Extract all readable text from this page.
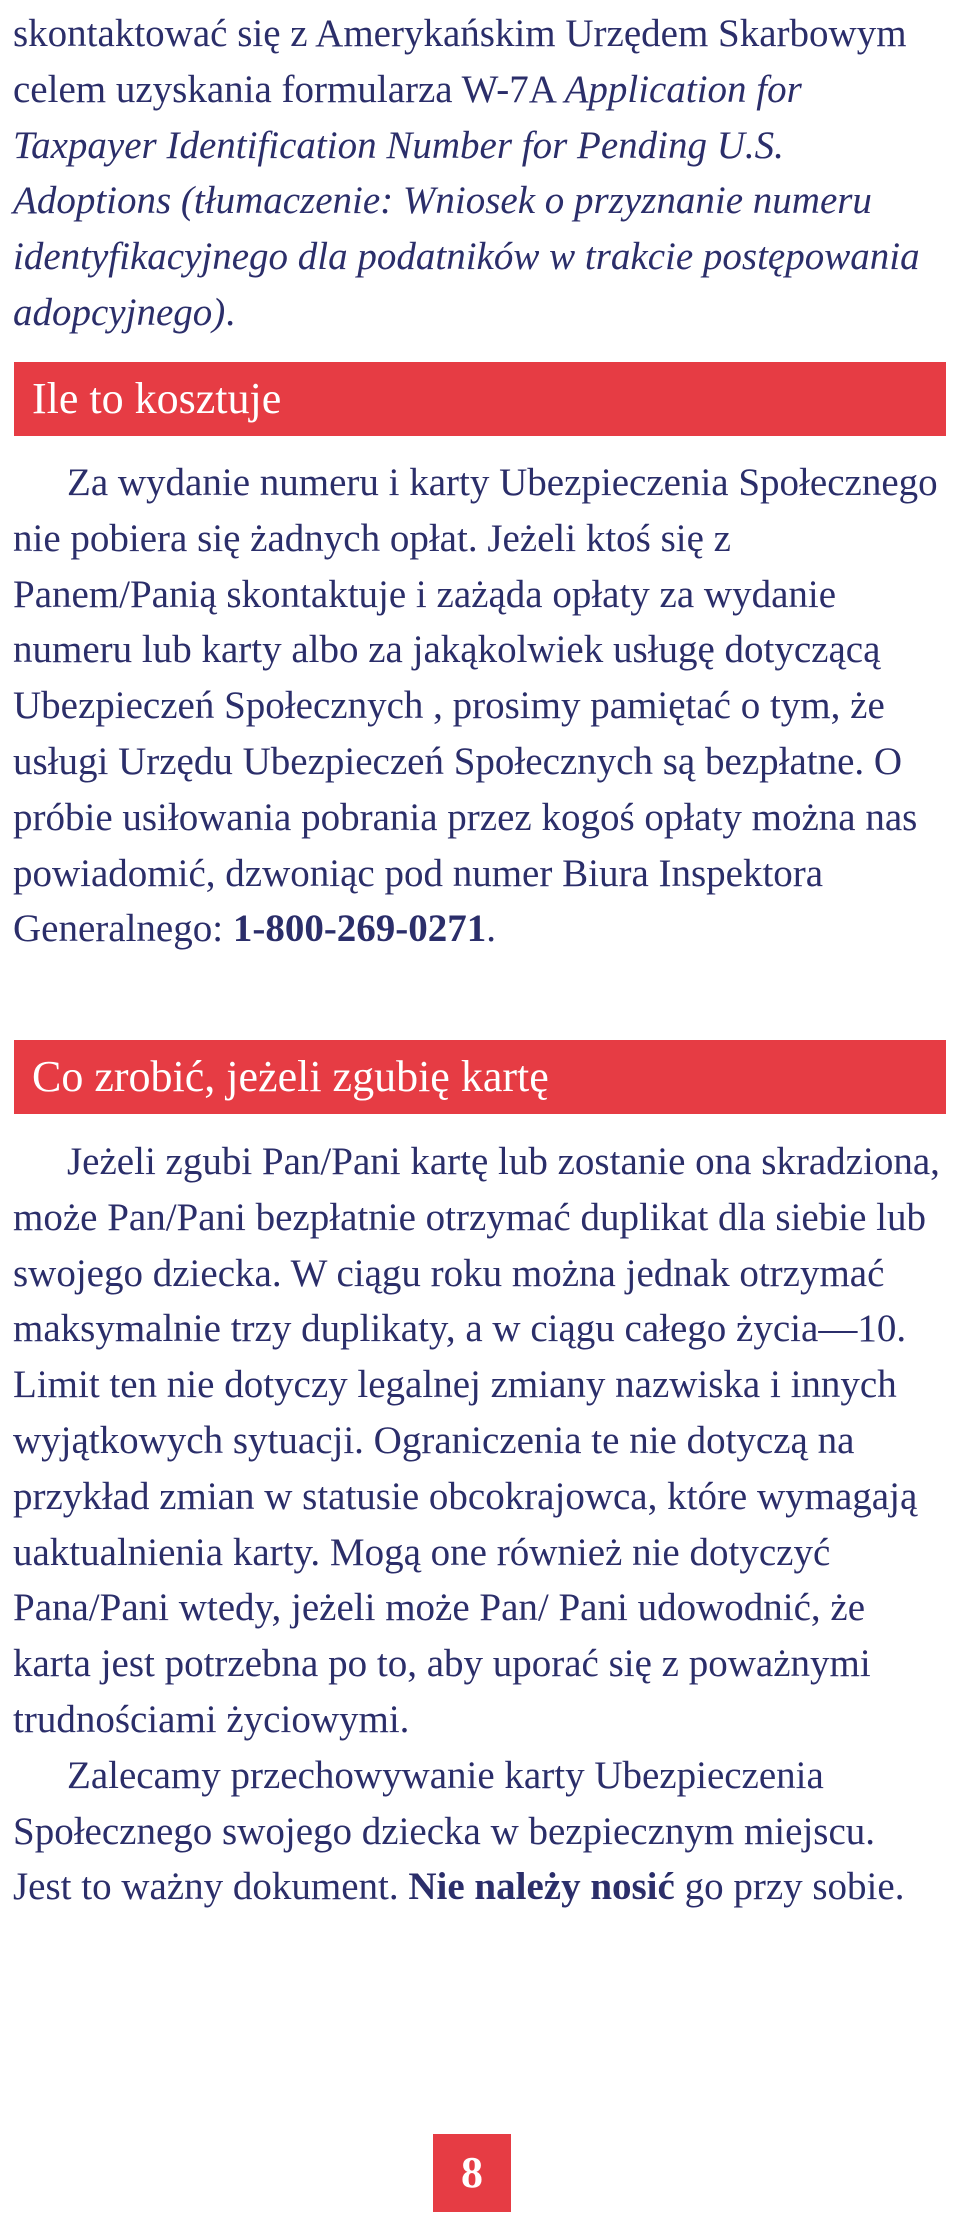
skontaktować się z Amerykańskim Urzędem Skarbowym celem uzyskania formularza W-7A Application for Taxpayer Identification Number for Pending U.S. Adoptions (tłumaczenie: Wniosek o przyznanie numeru identyfikacyjnego dla podatników w trakcie postępowania adopcyjnego).

Ile to kosztuje

Za wydanie numeru i karty Ubezpieczenia Społecznego nie pobiera się żadnych opłat. Jeżeli ktoś się z Panem/Panią skontaktuje i zażąda opłaty za wydanie numeru lub karty albo za jakąkolwiek usługę dotyczącą Ubezpieczeń Społecznych , prosimy pamiętać o tym, że usługi Urzędu Ubezpieczeń Społecznych są bezpłatne. O próbie usiłowania pobrania przez kogoś opłaty można nas powiadomić, dzwoniąc pod numer Biura Inspektora Generalnego: 1-800-269-0271.

Co zrobić, jeżeli zgubię kartę

Jeżeli zgubi Pan/Pani kartę lub zostanie ona skradziona, może Pan/Pani bezpłatnie otrzymać duplikat dla siebie lub swojego dziecka. W ciągu roku można jednak otrzymać maksymalnie trzy duplikaty, a w ciągu całego życia—10. Limit ten nie dotyczy legalnej zmiany nazwiska i innych wyjątkowych sytuacji. Ograniczenia te nie dotyczą na przykład zmian w statusie obcokrajowca, które wymagają uaktualnienia karty. Mogą one również nie dotyczyć Pana/Pani wtedy, jeżeli może Pan/ Pani udowodnić, że karta jest potrzebna po to, aby uporać się z poważnymi trudnościami życiowymi.

Zalecamy przechowywanie karty Ubezpieczenia Społecznego swojego dziecka w bezpiecznym miejscu. Jest to ważny dokument. Nie należy nosić go przy sobie.

8
